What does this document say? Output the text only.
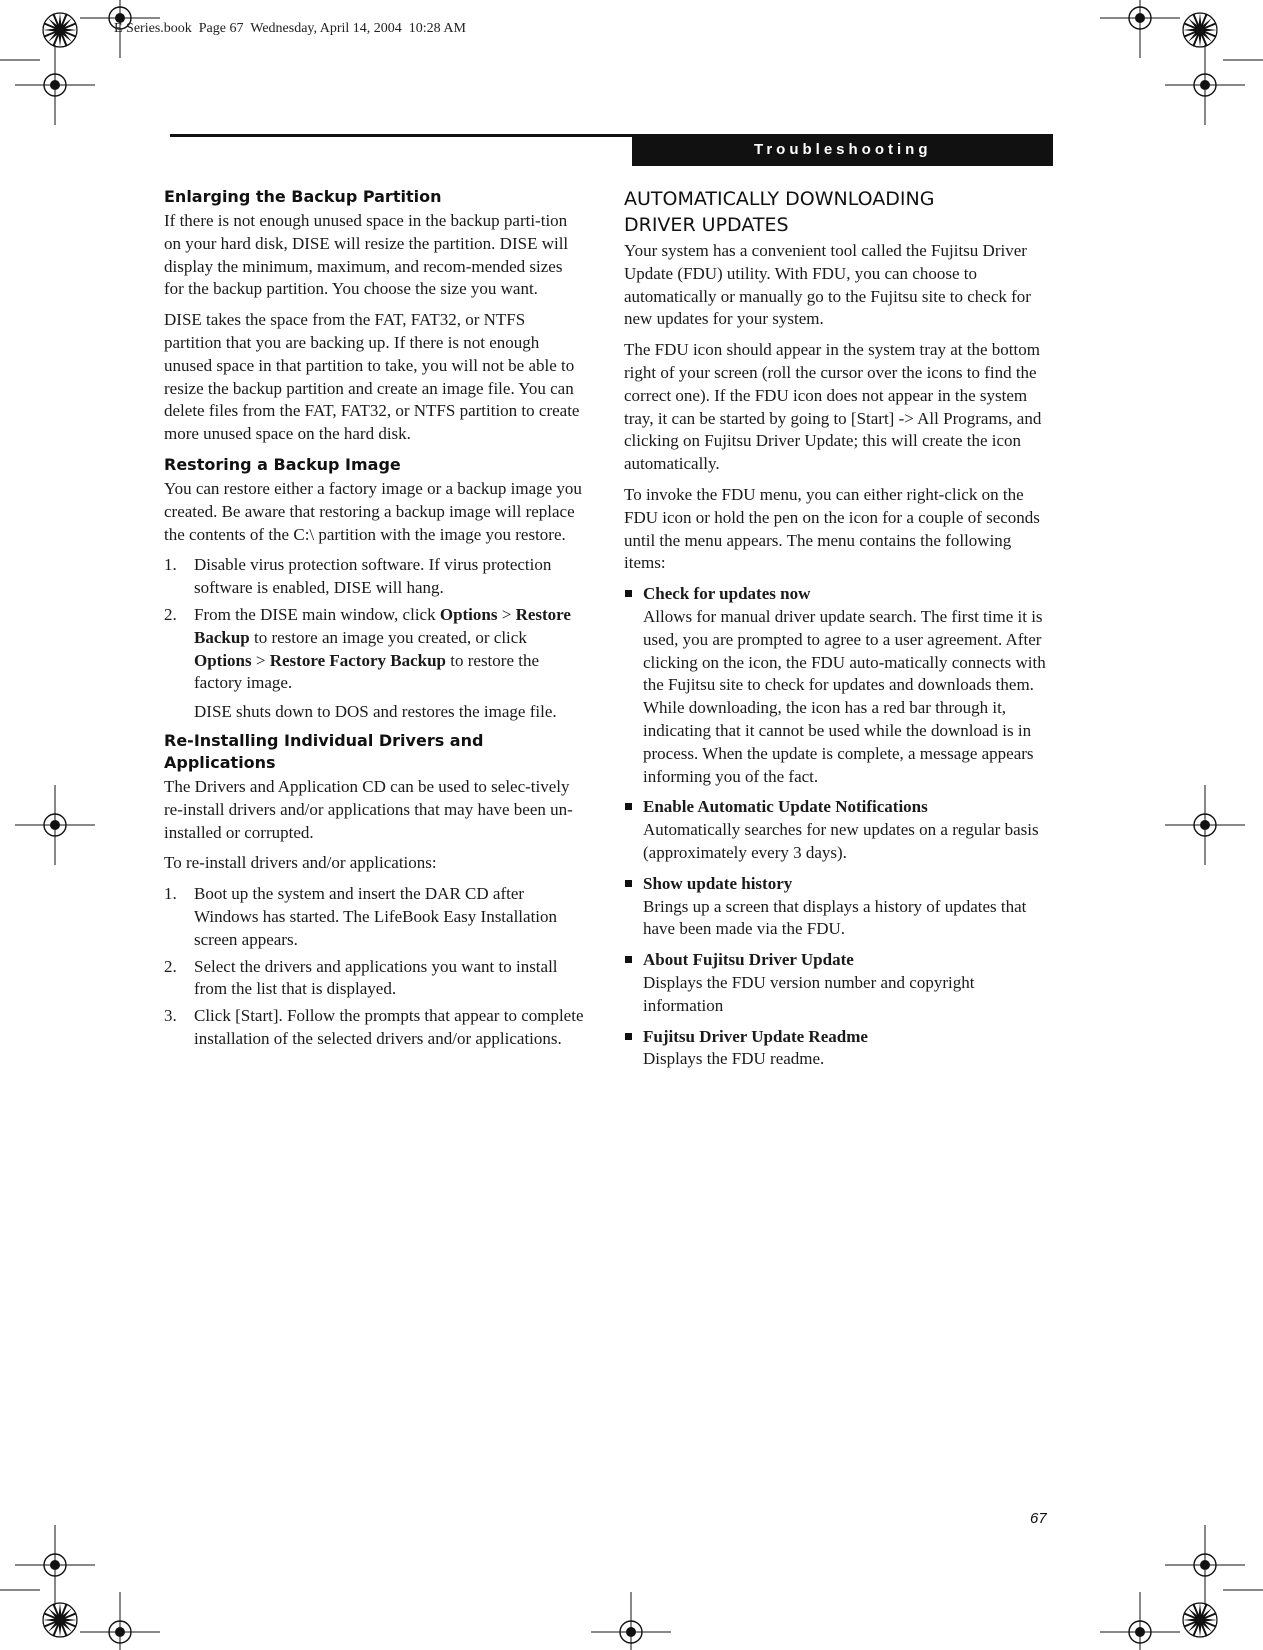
E Series.book  Page 67  Wednesday, April 14, 2004  10:28 AM
Troubleshooting
Enlarging the Backup Partition

If there is not enough unused space in the backup parti-tion on your hard disk, DISE will resize the partition. DISE will display the minimum, maximum, and recom-mended sizes for the backup partition. You choose the size you want.

DISE takes the space from the FAT, FAT32, or NTFS partition that you are backing up. If there is not enough unused space in that partition to take, you will not be able to resize the backup partition and create an image file. You can delete files from the FAT, FAT32, or NTFS partition to create more unused space on the hard disk.

Restoring a Backup Image

You can restore either a factory image or a backup image you created. Be aware that restoring a backup image will replace the contents of the C:\ partition with the image you restore.

1. Disable virus protection software. If virus protection software is enabled, DISE will hang.
2. From the DISE main window, click Options > Restore Backup to restore an image you created, or click Options > Restore Factory Backup to restore the factory image.
DISE shuts down to DOS and restores the image file.
Re-Installing Individual Drivers and Applications

The Drivers and Application CD can be used to selec-tively re-install drivers and/or applications that may have been un-installed or corrupted.

To re-install drivers and/or applications:

1. Boot up the system and insert the DAR CD after Windows has started. The LifeBook Easy Installation screen appears.
2. Select the drivers and applications you want to install from the list that is displayed.
3. Click [Start]. Follow the prompts that appear to complete installation of the selected drivers and/or applications.
AUTOMATICALLY DOWNLOADING
DRIVER UPDATES

Your system has a convenient tool called the Fujitsu Driver Update (FDU) utility. With FDU, you can choose to automatically or manually go to the Fujitsu site to check for new updates for your system.

The FDU icon should appear in the system tray at the bottom right of your screen (roll the cursor over the icons to find the correct one). If the FDU icon does not appear in the system tray, it can be started by going to [Start] -> All Programs, and clicking on Fujitsu Driver Update; this will create the icon automatically.

To invoke the FDU menu, you can either right-click on the FDU icon or hold the pen on the icon for a couple of seconds until the menu appears. The menu contains the following items:

Check for updates now
Allows for manual driver update search. The first time it is used, you are prompted to agree to a user agreement. After clicking on the icon, the FDU auto-matically connects with the Fujitsu site to check for updates and downloads them. While downloading, the icon has a red bar through it, indicating that it cannot be used while the download is in process. When the update is complete, a message appears informing you of the fact.
Enable Automatic Update Notifications
Automatically searches for new updates on a regular basis (approximately every 3 days).
Show update history
Brings up a screen that displays a history of updates that have been made via the FDU.
About Fujitsu Driver Update
Displays the FDU version number and copyright information
Fujitsu Driver Update Readme
Displays the FDU readme.
67
